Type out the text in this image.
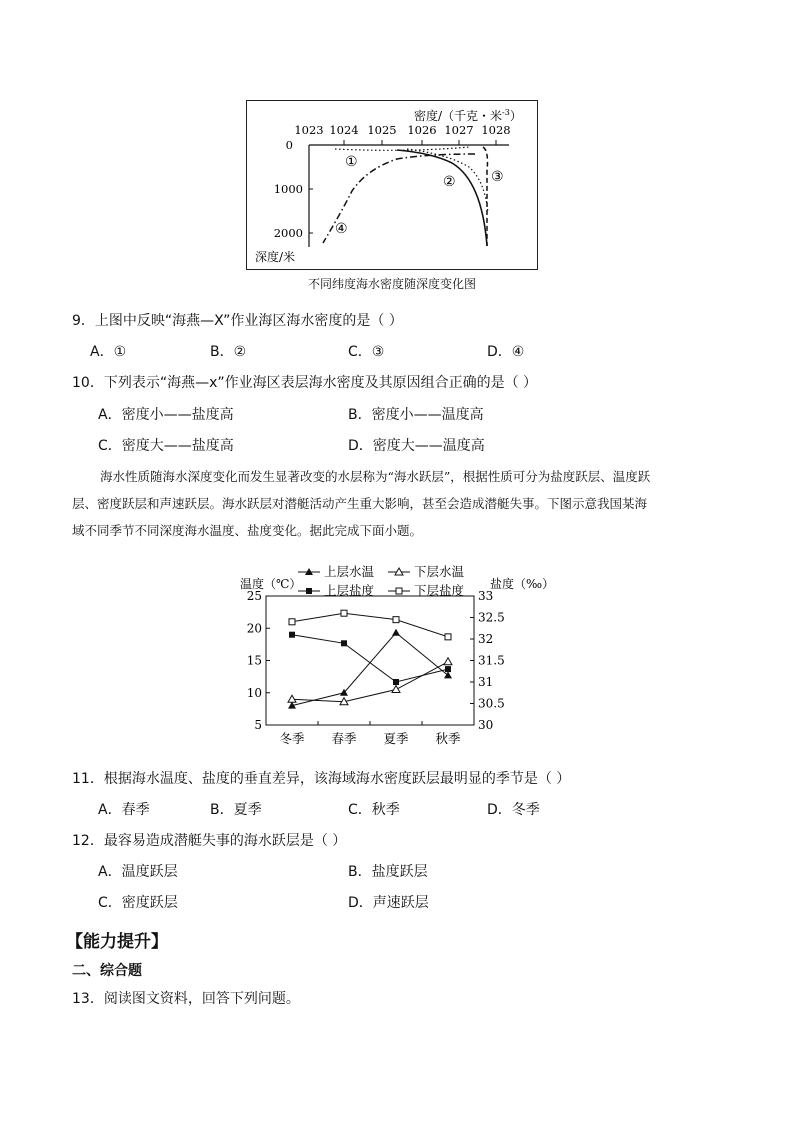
密度/（千克・米$^{-3}$）
1023 1024 1025 1026 1027 1028
0
1000
2000
深度/米
①
②	③
④
不同纬度海水密度随深度变化图
9．上图中反映“海燕—X”作业海区海水密度的是（ ）
A．①	B．②	C．③	D．④
10．下列表示“海燕—x”作业海区表层海水密度及其原因组合正确的是（ ）
A．密度小——盐度高	B．密度小——温度高
C．密度大——盐度高	D．密度大——温度高

海水性质随海水深度变化而发生显著改变的水层称为“海水跃层”，根据性质可分为盐度跃层、温度跃

层、密度跃层和声速跃层。海水跃层对潜艇活动产生重大影响，甚至会造成潜艇失事。下图示意我国某海

域不同季节不同深度海水温度、盐度变化。据此完成下面小题。

温度（℃）	盐度（‰）
上层水温	下层水温
上层盐度	下层盐度
25
20
15
10
5
33
32.5
32
31.5
31
30.5
30
冬季 春季 夏季 秋季
11．根据海水温度、盐度的垂直差异，该海域海水密度跃层最明显的季节是（ ）
A．春季	B．夏季	C．秋季	D．冬季
12．最容易造成潜艇失事的海水跃层是（ ）
A．温度跃层	B．盐度跃层
C．密度跃层	D．声速跃层
【能力提升】
二、综合题
13．阅读图文资料，回答下列问题。
